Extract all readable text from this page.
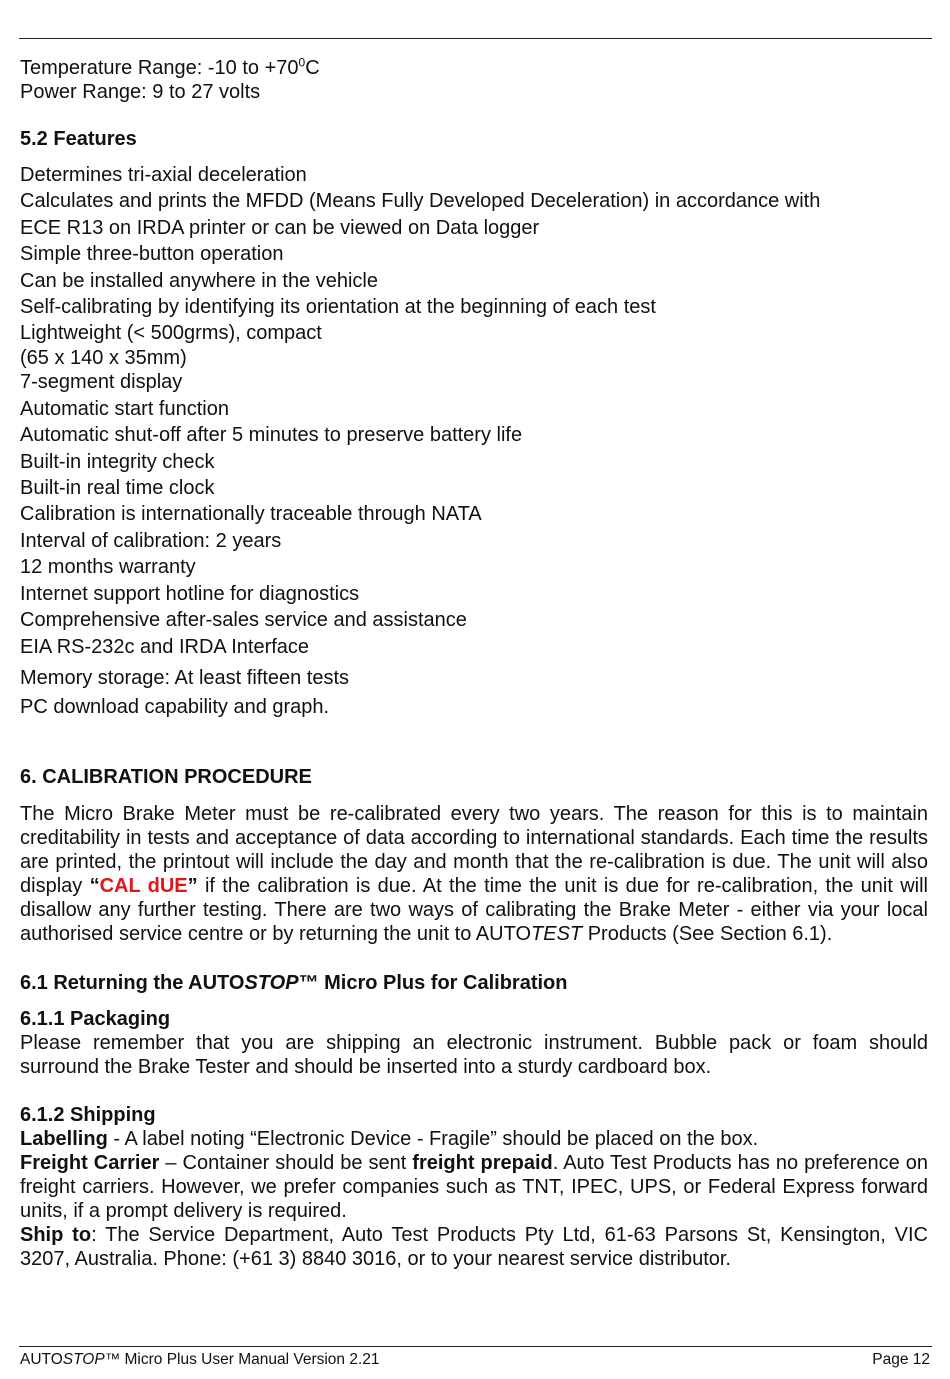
Temperature Range: -10 to $+70^0C$

Power Range: 9 to 27 volts

5.2 Features

Determines tri-axial deceleration
Calculates and prints the MFDD (Means Fully Developed Deceleration) in accordance with
ECE R13 on IRDA printer or can be viewed on Data logger
Simple three-button operation
Can be installed anywhere in the vehicle
Self-calibrating by identifying its orientation at the beginning of each test
Lightweight (< 500grms), compact
(65 x 140 x 35mm)
7-segment display
Automatic start function
Automatic shut-off after 5 minutes to preserve battery life
Built-in integrity check
Built-in real time clock
Calibration is internationally traceable through NATA
Interval of calibration: 2 years
12 months warranty
Internet support hotline for diagnostics
Comprehensive after-sales service and assistance
EIA RS-232c and IRDA Interface
Memory storage: At least fifteen tests
PC download capability and graph.

6. CALIBRATION PROCEDURE

The Micro Brake Meter must be re-calibrated every two years. The reason for this is to maintain creditability in tests and acceptance of data according to international standards. Each time the results are printed, the printout will include the day and month that the re-calibration is due. The unit will also display “CAL dUE” if the calibration is due. At the time the unit is due for re-calibration, the unit will disallow any further testing. There are two ways of calibrating the Brake Meter - either via your local authorised service centre or by returning the unit to AUTOTEST Products (See Section 6.1).

6.1 Returning the AUTOSTOP™ Micro Plus for Calibration

6.1.1 Packaging

Please remember that you are shipping an electronic instrument. Bubble pack or foam should surround the Brake Tester and should be inserted into a sturdy cardboard box.

6.1.2 Shipping

Labelling - A label noting “Electronic Device - Fragile” should be placed on the box.

Freight Carrier – Container should be sent freight prepaid. Auto Test Products has no preference on freight carriers. However, we prefer companies such as TNT, IPEC, UPS, or Federal Express forward units, if a prompt delivery is required.

Ship to: The Service Department, Auto Test Products Pty Ltd, 61-63 Parsons St, Kensington, VIC 3207, Australia. Phone: (+61 3) 8840 3016, or to your nearest service distributor.

AUTOSTOP™ Micro Plus User Manual Version 2.21	Page 12
